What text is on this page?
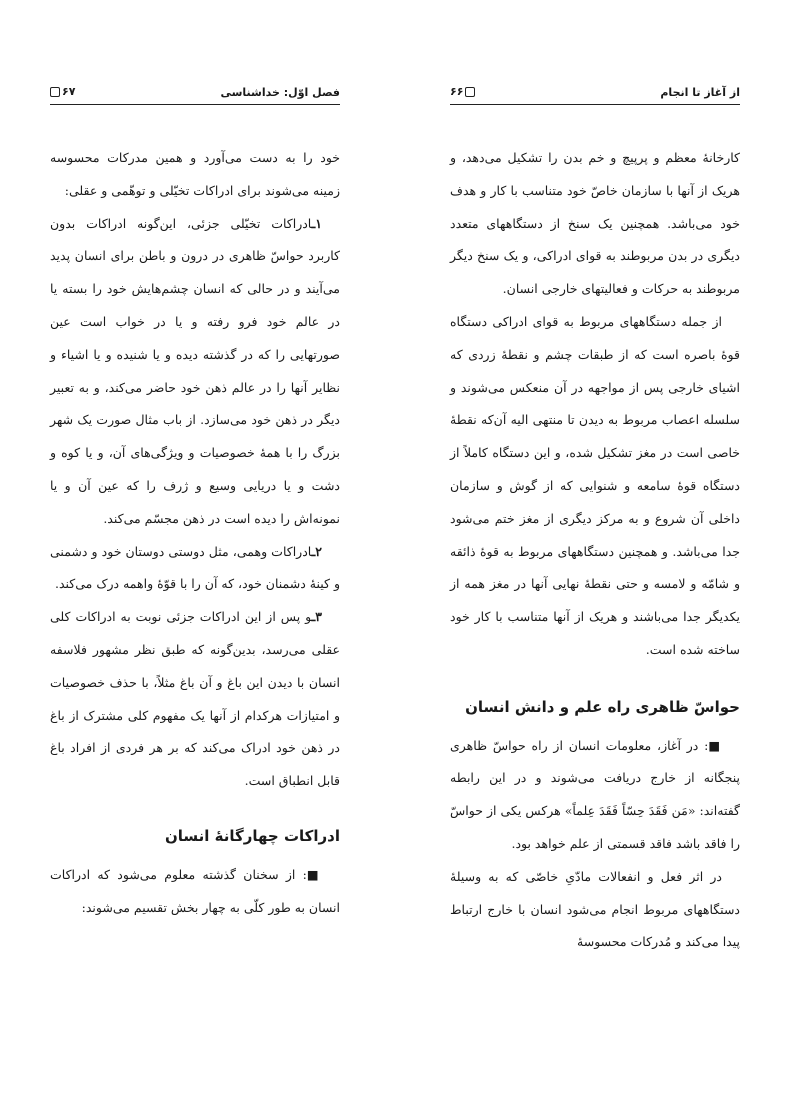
فصل اوّل: خداشناسی
۶۷

خود را به دست می‌آورد و همین مدرکات محسوسه زمینه می‌شوند برای ادراکات تخیّلی و توهّمی و عقلی:

۱ـادراکات تخیّلی جزئی، این‌گونه ادراکات بدون کاربرد حواسّ ظاهری در درون و باطن برای انسان پدید می‌آیند و در حالی که انسان چشم‌هایش خود را بسته یا در عالم خود فرو رفته و یا در خواب است عین صورتهایی را که در گذشته دیده و یا شنیده و یا اشیاء و نظایر آنها را در عالم ذهن خود حاضر می‌کند، و به تعبیر دیگر در ذهن خود می‌سازد. از باب مثال صورت یک شهر بزرگ را با همهٔ خصوصیات و ویژگی‌های آن، و یا کوه و دشت و یا دریایی وسیع و ژرف را که عین آن و یا نمونه‌اش را دیده است در ذهن مجسّم می‌کند.

۲ـادراکات وهمی، مثل دوستی دوستان خود و دشمنی و کینهٔ دشمنان خود، که آن را با قوّهٔ واهمه درک می‌کند.

۳ـو پس از این ادراکات جزئی نوبت به ادراکات کلی عقلی می‌رسد، بدین‌گونه که طبق نظر مشهور فلاسفه انسان با دیدن این باغ و آن باغ مثلاً، با حذف خصوصیات و امتیازات هرکدام از آنها یک مفهوم کلی مشترک از باغ در ذهن خود ادراک می‌کند که بر هر فردی از افراد باغ قابل انطباق است.

ادراکات چهارگانهٔ انسان

■: از سخنان گذشته معلوم می‌شود که ادراکات انسان به طور کلّی به چهار بخش تقسیم می‌شوند:

از آغاز تا انجام
۶۶

کارخانهٔ معظم و پرپیچ و خم بدن را تشکیل می‌دهد، و هریک از آنها با سازمان خاصّ خود متناسب با کار و هدف خود می‌باشد. همچنین یک سنخ از دستگاههای متعدد دیگری در بدن مربوطند به قوای ادراکی، و یک سنخ دیگر مربوطند به حرکات و فعالیتهای خارجی انسان.

از جمله دستگاههای مربوط به قوای ادراکی دستگاه قوهٔ باصره است که از طبقات چشم و نقطهٔ زردی که اشیای خارجی پس از مواجهه در آن منعکس می‌شوند و سلسله اعصاب مربوط به دیدن تا منتهی الیه آن‌که نقطهٔ خاصی است در مغز تشکیل شده، و این دستگاه کاملاً از دستگاه قوهٔ سامعه و شنوایی که از گوش و سازمان داخلی آن شروع و به مرکز دیگری از مغز ختم می‌شود جدا می‌باشد. و همچنین دستگاههای مربوط به قوهٔ ذائقه و شامّه و لامسه و حتی نقطهٔ نهایی آنها در مغز همه از یکدیگر جدا می‌باشند و هریک از آنها متناسب با کار خود ساخته شده است.

حواسّ ظاهری راه علم و دانش انسان

■: در آغاز، معلومات انسان از راه حواسّ ظاهری پنجگانه از خارج دریافت می‌شوند و در این رابطه گفته‌اند: «مَن فَقَدَ حِسّاً فَقَدَ عِلماً» هرکس یکی از حواسّ را فاقد باشد فاقد قسمتی از علم خواهد بود.

در اثر فعل و انفعالات مادّیِ خاصّی که به وسیلهٔ دستگاههای مربوط انجام می‌شود انسان با خارج ارتباط پیدا می‌کند و مُدرکات محسوسهٔ
